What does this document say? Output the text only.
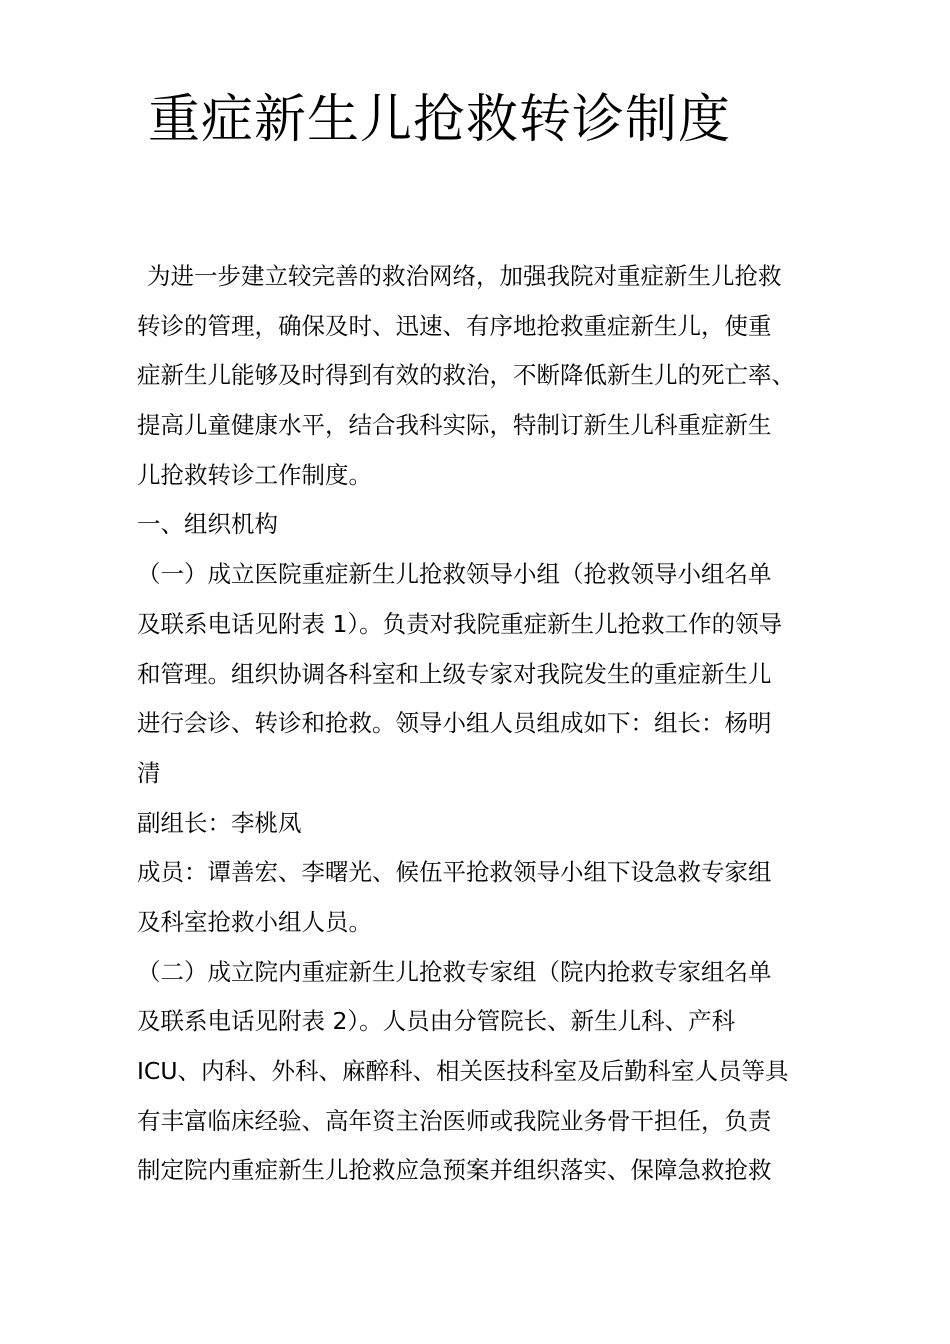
重症新生儿抢救转诊制度
为进一步建立较完善的救治网络，加强我院对重症新生儿抢救
转诊的管理，确保及时、迅速、有序地抢救重症新生儿，使重
症新生儿能够及时得到有效的救治，不断降低新生儿的死亡率、
提高儿童健康水平，结合我科实际，特制订新生儿科重症新生
儿抢救转诊工作制度。
一、组织机构
（一）成立医院重症新生儿抢救领导小组（抢救领导小组名单
及联系电话见附表 1）。负责对我院重症新生儿抢救工作的领导
和管理。组织协调各科室和上级专家对我院发生的重症新生儿
进行会诊、转诊和抢救。领导小组人员组成如下：组长：杨明
清
副组长：李桃凤
成员：谭善宏、李曙光、候伍平抢救领导小组下设急救专家组
及科室抢救小组人员。
（二）成立院内重症新生儿抢救专家组（院内抢救专家组名单
及联系电话见附表 2）。人员由分管院长、新生儿科、产科
ICU、内科、外科、麻醉科、相关医技科室及后勤科室人员等具
有丰富临床经验、高年资主治医师或我院业务骨干担任，负责
制定院内重症新生儿抢救应急预案并组织落实、保障急救抢救
